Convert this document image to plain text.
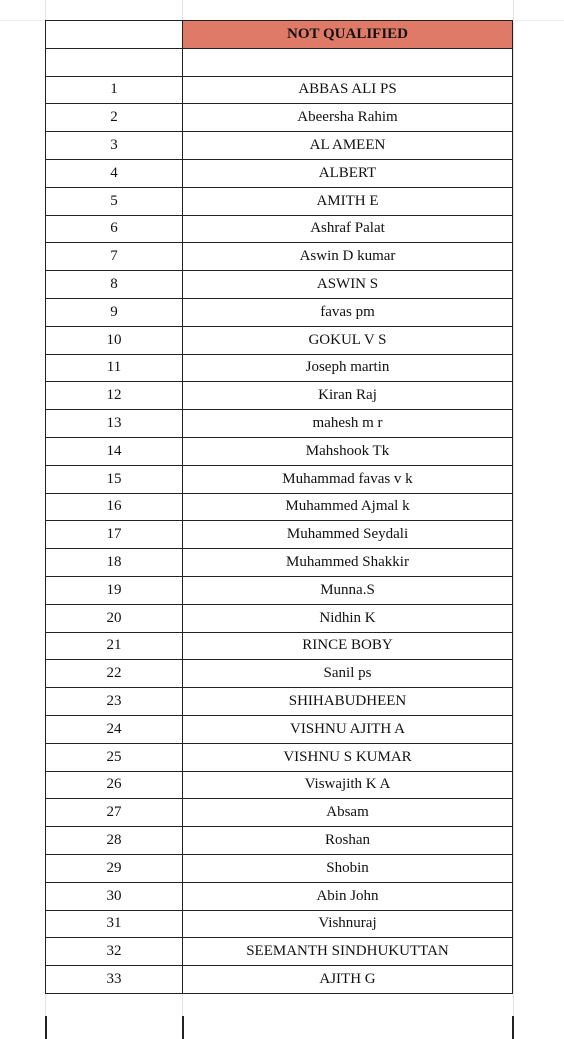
	NOT QUALIFIED

1	ABBAS ALI PS
2	Abeersha Rahim
3	AL AMEEN
4	ALBERT
5	AMITH E
6	Ashraf Palat
7	Aswin D kumar
8	ASWIN S
9	favas pm
10	GOKUL V S
11	Joseph martin
12	Kiran Raj
13	mahesh m r
14	Mahshook Tk
15	Muhammad favas v k
16	Muhammed Ajmal k
17	Muhammed Seydali
18	Muhammed Shakkir
19	Munna.S
20	Nidhin K
21	RINCE BOBY
22	Sanil ps
23	SHIHABUDHEEN
24	VISHNU AJITH A
25	VISHNU S KUMAR
26	Viswajith K A
27	Absam
28	Roshan
29	Shobin
30	Abin John
31	Vishnuraj
32	SEEMANTH SINDHUKUTTAN
33	AJITH G
